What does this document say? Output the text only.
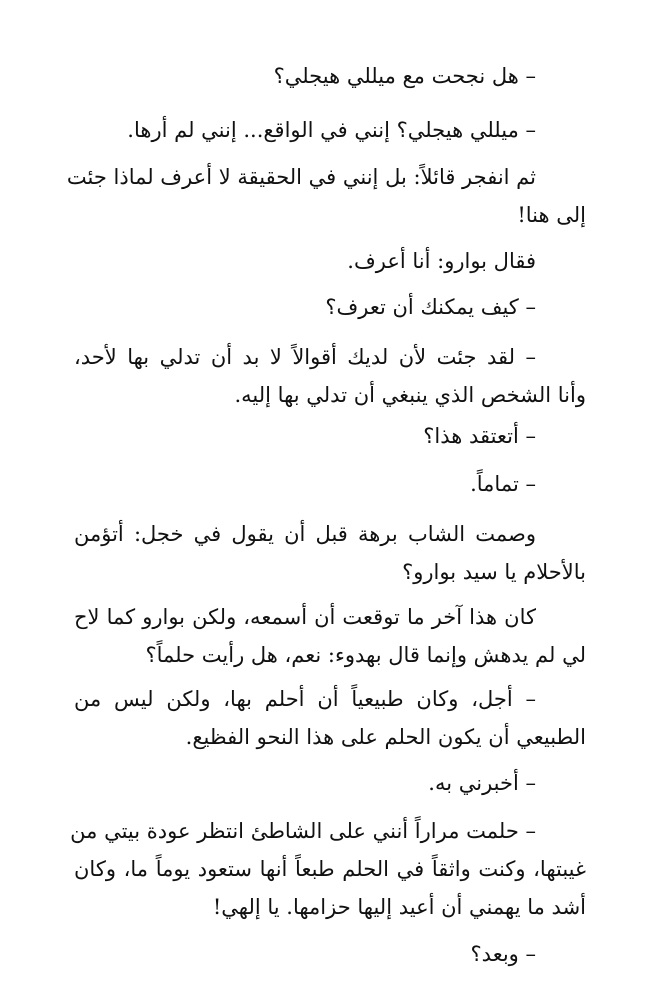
– هل نجحت مع ميللي هيجلي؟
– ميللي هيجلي؟ إنني في الواقع... إنني لم أرها.
ثم انفجر قائلاً: بل إنني في الحقيقة لا أعرف لماذا جئت
إلى هنا!
فقال بوارو: أنا أعرف.
– كيف يمكنك أن تعرف؟
– لقد جئت لأن لديك أقوالاً لا بد أن تدلي بها لأحد،
وأنا الشخص الذي ينبغي أن تدلي بها إليه.
– أتعتقد هذا؟
– تماماً.
وصمت الشاب برهة قبل أن يقول في خجل: أتؤمن
بالأحلام يا سيد بوارو؟
كان هذا آخر ما توقعت أن أسمعه، ولكن بوارو كما لاح
لي لم يدهش وإنما قال بهدوء: نعم، هل رأيت حلماً؟
– أجل، وكان طبيعياً أن أحلم بها، ولكن ليس من
الطبيعي أن يكون الحلم على هذا النحو الفظيع.
– أخبرني به.
– حلمت مراراً أنني على الشاطئ انتظر عودة بيتي من
غيبتها، وكنت واثقاً في الحلم طبعاً أنها ستعود يوماً ما، وكان
أشد ما يهمني أن أعيد إليها حزامها. يا إلهي!
– وبعد؟
